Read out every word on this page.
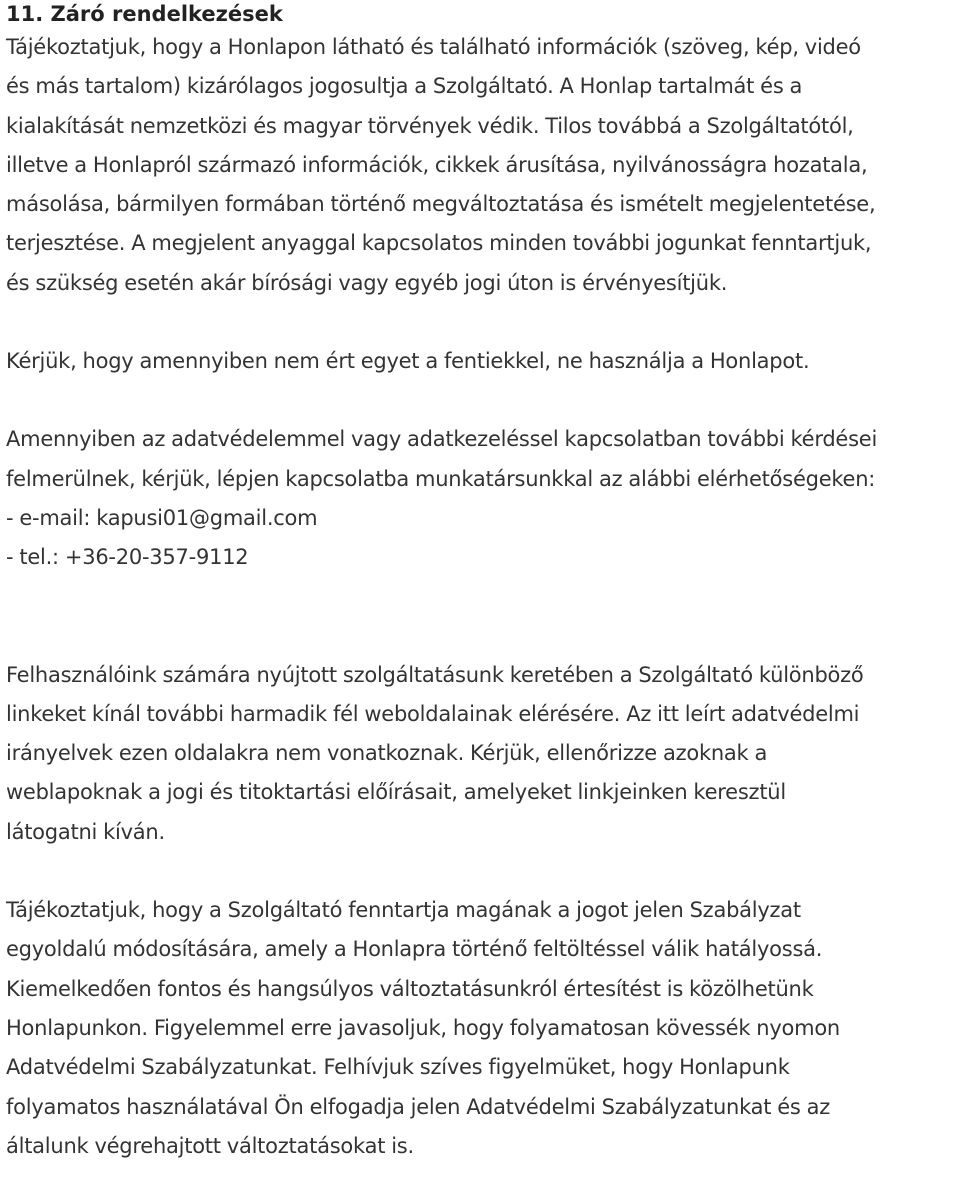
11. Záró rendelkezések

Tájékoztatjuk, hogy a Honlapon látható és található információk (szöveg, kép, videó
és más tartalom) kizárólagos jogosultja a Szolgáltató. A Honlap tartalmát és a
kialakítását nemzetközi és magyar törvények védik. Tilos továbbá a Szolgáltatótól,
illetve a Honlapról származó információk, cikkek árusítása, nyilvánosságra hozatala,
másolása, bármilyen formában történő megváltoztatása és ismételt megjelentetése,
terjesztése. A megjelent anyaggal kapcsolatos minden további jogunkat fenntartjuk,
és szükség esetén akár bírósági vagy egyéb jogi úton is érvényesítjük.

Kérjük, hogy amennyiben nem ért egyet a fentiekkel, ne használja a Honlapot.

Amennyiben az adatvédelemmel vagy adatkezeléssel kapcsolatban további kérdései
felmerülnek, kérjük, lépjen kapcsolatba munkatársunkkal az alábbi elérhetőségeken:
- e-mail: kapusi01@gmail.com
- tel.: +36-20-357-9112

Felhasználóink számára nyújtott szolgáltatásunk keretében a Szolgáltató különböző
linkeket kínál további harmadik fél weboldalainak elérésére. Az itt leírt adatvédelmi
irányelvek ezen oldalakra nem vonatkoznak. Kérjük, ellenőrizze azoknak a
weblapoknak a jogi és titoktartási előírásait, amelyeket linkjeinken keresztül
látogatni kíván.

Tájékoztatjuk, hogy a Szolgáltató fenntartja magának a jogot jelen Szabályzat
egyoldalú módosítására, amely a Honlapra történő feltöltéssel válik hatályossá.
Kiemelkedően fontos és hangsúlyos változtatásunkról értesítést is közölhetünk
Honlapunkon. Figyelemmel erre javasoljuk, hogy folyamatosan kövessék nyomon
Adatvédelmi Szabályzatunkat. Felhívjuk szíves figyelmüket, hogy Honlapunk
folyamatos használatával Ön elfogadja jelen Adatvédelmi Szabályzatunkat és az
általunk végrehajtott változtatásokat is.
